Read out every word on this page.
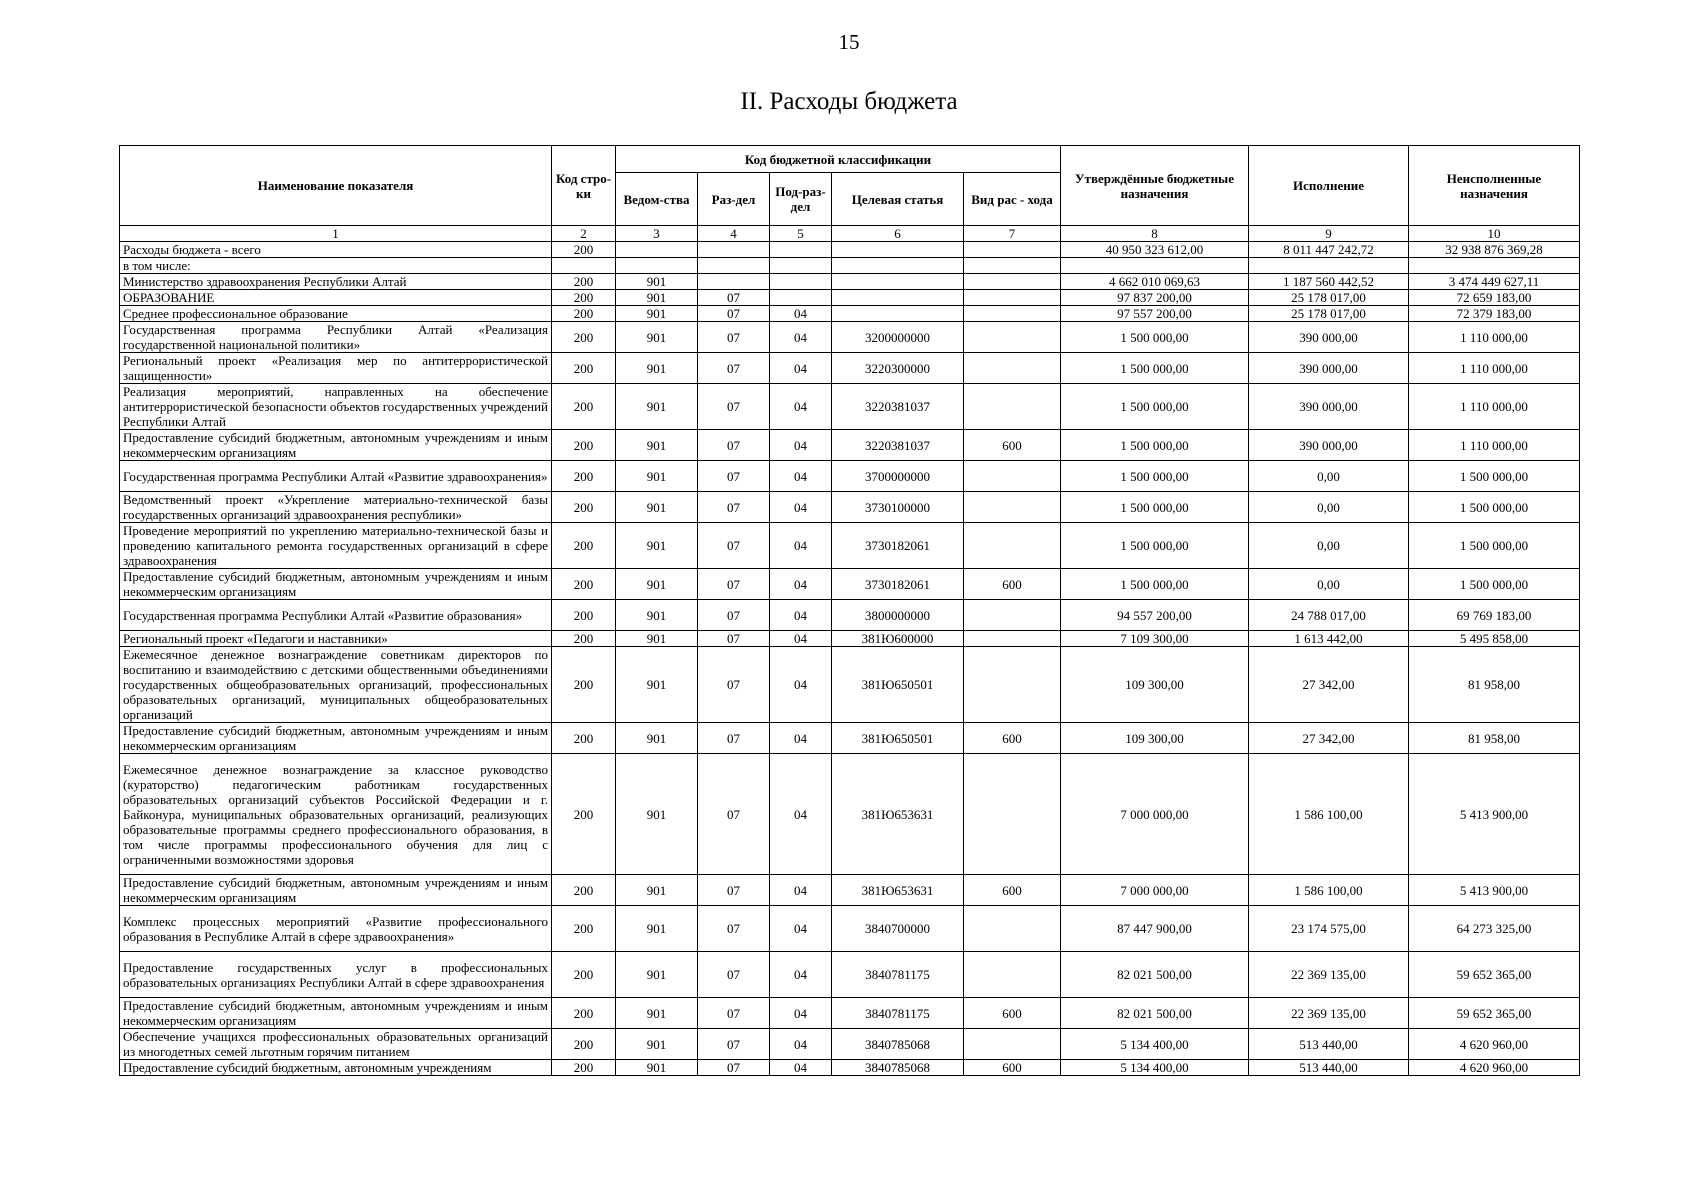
15
II. Расходы бюджета
Наименование показателя	Код стро-ки	Код бюджетной классификации					Утверждённые бюджетные назначения	Исполнение	Неисполненные назначения
		Ведом-ства	Раз-дел	Под-раз-дел	Целевая статья	Вид рас - хода			
1	2	3	4	5	6	7	8	9	10
Расходы бюджета - всего	200						40 950 323 612,00	8 011 447 242,72	32 938 876 369,28
в том числе:									
Министерство здравоохранения Республики Алтай	200	901					4 662 010 069,63	1 187 560 442,52	3 474 449 627,11
ОБРАЗОВАНИЕ	200	901	07				97 837 200,00	25 178 017,00	72 659 183,00
Среднее профессиональное образование	200	901	07	04			97 557 200,00	25 178 017,00	72 379 183,00
Государственная программа Республики Алтай «Реализация государственной национальной политики»	200	901	07	04	3200000000		1 500 000,00	390 000,00	1 110 000,00
Региональный проект «Реализация мер по антитеррористической защищенности»	200	901	07	04	3220300000		1 500 000,00	390 000,00	1 110 000,00
Реализация мероприятий, направленных на обеспечение антитеррористической безопасности объектов государственных учреждений Республики Алтай	200	901	07	04	3220381037		1 500 000,00	390 000,00	1 110 000,00
Предоставление субсидий бюджетным, автономным учреждениям и иным некоммерческим организациям	200	901	07	04	3220381037	600	1 500 000,00	390 000,00	1 110 000,00
Государственная программа Республики Алтай «Развитие здравоохранения»	200	901	07	04	3700000000		1 500 000,00	0,00	1 500 000,00
Ведомственный проект «Укрепление материально-технической базы государственных организаций здравоохранения республики»	200	901	07	04	3730100000		1 500 000,00	0,00	1 500 000,00
Проведение мероприятий по укреплению материально-технической базы и проведению капитального ремонта государственных организаций в сфере здравоохранения	200	901	07	04	3730182061		1 500 000,00	0,00	1 500 000,00
Предоставление субсидий бюджетным, автономным учреждениям и иным некоммерческим организациям	200	901	07	04	3730182061	600	1 500 000,00	0,00	1 500 000,00
Государственная программа Республики Алтай «Развитие образования»	200	901	07	04	3800000000		94 557 200,00	24 788 017,00	69 769 183,00
Региональный проект «Педагоги и наставники»	200	901	07	04	381Ю600000		7 109 300,00	1 613 442,00	5 495 858,00
Ежемесячное денежное вознаграждение советникам директоров по воспитанию и взаимодействию с детскими общественными объединениями государственных общеобразовательных организаций, профессиональных образовательных организаций, муниципальных общеобразовательных организаций	200	901	07	04	381Ю650501		109 300,00	27 342,00	81 958,00
Предоставление субсидий бюджетным, автономным учреждениям и иным некоммерческим организациям	200	901	07	04	381Ю650501	600	109 300,00	27 342,00	81 958,00
Ежемесячное денежное вознаграждение за классное руководство (кураторство) педагогическим работникам государственных образовательных организаций субъектов Российской Федерации и г. Байконура, муниципальных образовательных организаций, реализующих образовательные программы среднего профессионального образования, в том числе программы профессионального обучения для лиц с ограниченными возможностями здоровья	200	901	07	04	381Ю653631		7 000 000,00	1 586 100,00	5 413 900,00
Предоставление субсидий бюджетным, автономным учреждениям и иным некоммерческим организациям	200	901	07	04	381Ю653631	600	7 000 000,00	1 586 100,00	5 413 900,00
Комплекс процессных мероприятий «Развитие профессионального образования в Республике Алтай в сфере здравоохранения»	200	901	07	04	3840700000		87 447 900,00	23 174 575,00	64 273 325,00
Предоставление государственных услуг в профессиональных образовательных организациях Республики Алтай в сфере здравоохранения	200	901	07	04	3840781175		82 021 500,00	22 369 135,00	59 652 365,00
Предоставление субсидий бюджетным, автономным учреждениям и иным некоммерческим организациям	200	901	07	04	3840781175	600	82 021 500,00	22 369 135,00	59 652 365,00
Обеспечение учащихся профессиональных образовательных организаций из многодетных семей льготным горячим питанием	200	901	07	04	3840785068		5 134 400,00	513 440,00	4 620 960,00
Предоставление субсидий бюджетным, автономным учреждениям	200	901	07	04	3840785068	600	5 134 400,00	513 440,00	4 620 960,00
